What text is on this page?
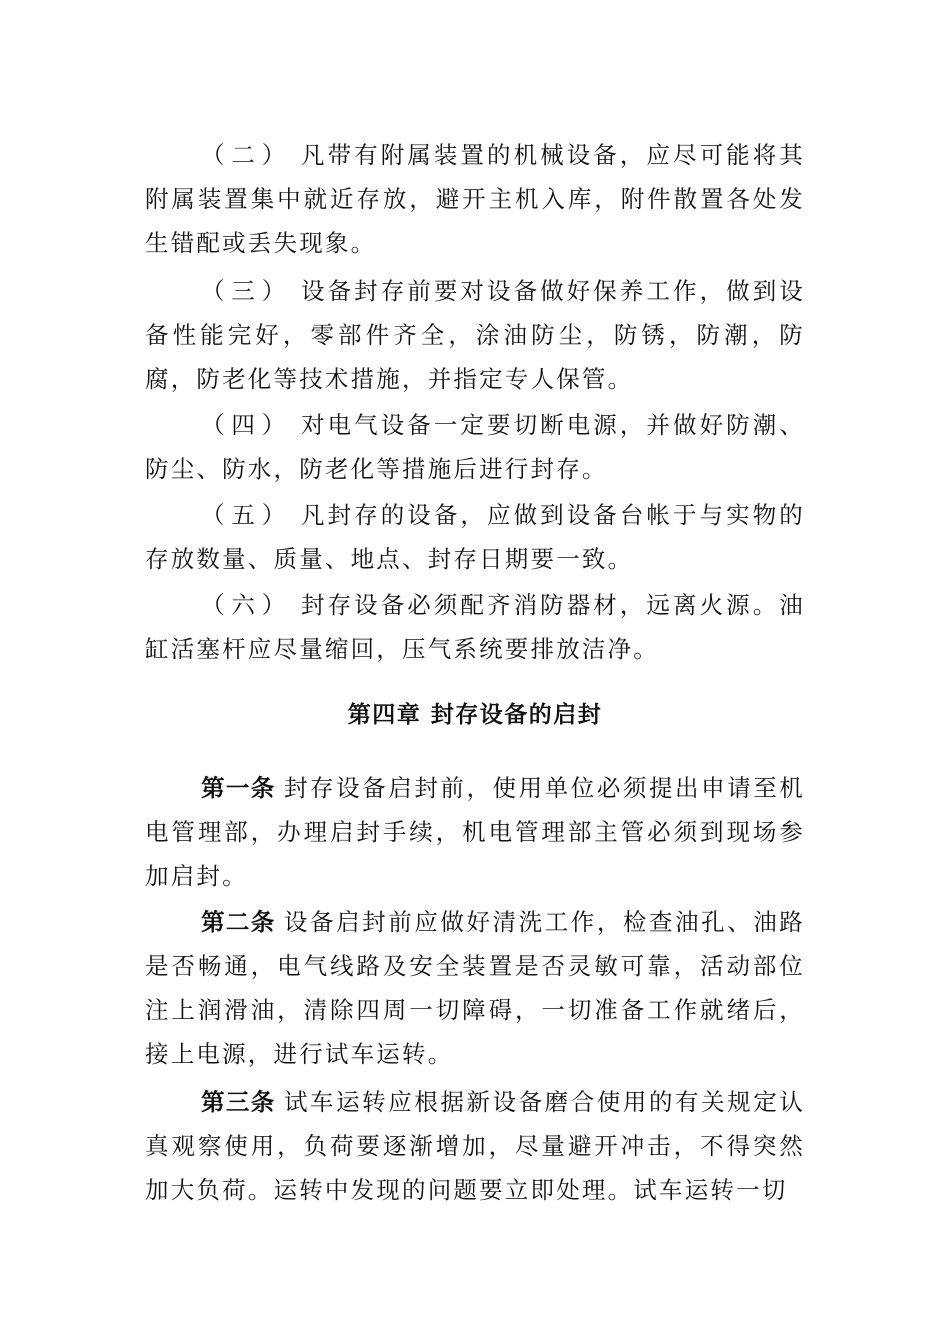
（二） 凡带有附属装置的机械设备，应尽可能将其附属装置集中就近存放，避开主机入库，附件散置各处发生错配或丢失现象。

（三） 设备封存前要对设备做好保养工作，做到设备性能完好，零部件齐全，涂油防尘，防锈，防潮，防腐，防老化等技术措施，并指定专人保管。

（四） 对电气设备一定要切断电源，并做好防潮、防尘、防水，防老化等措施后进行封存。

（五） 凡封存的设备，应做到设备台帐于与实物的存放数量、质量、地点、封存日期要一致。

（六） 封存设备必须配齐消防器材，远离火源。油缸活塞杆应尽量缩回，压气系统要排放洁净。

第四章 封存设备的启封

第一条 封存设备启封前，使用单位必须提出申请至机电管理部，办理启封手续，机电管理部主管必须到现场参加启封。

第二条 设备启封前应做好清洗工作，检查油孔、油路是否畅通，电气线路及安全装置是否灵敏可靠，活动部位注上润滑油，清除四周一切障碍，一切准备工作就绪后，接上电源，进行试车运转。

第三条 试车运转应根据新设备磨合使用的有关规定认真观察使用，负荷要逐渐增加，尽量避开冲击，不得突然加大负荷。运转中发现的问题要立即处理。试车运转一切
